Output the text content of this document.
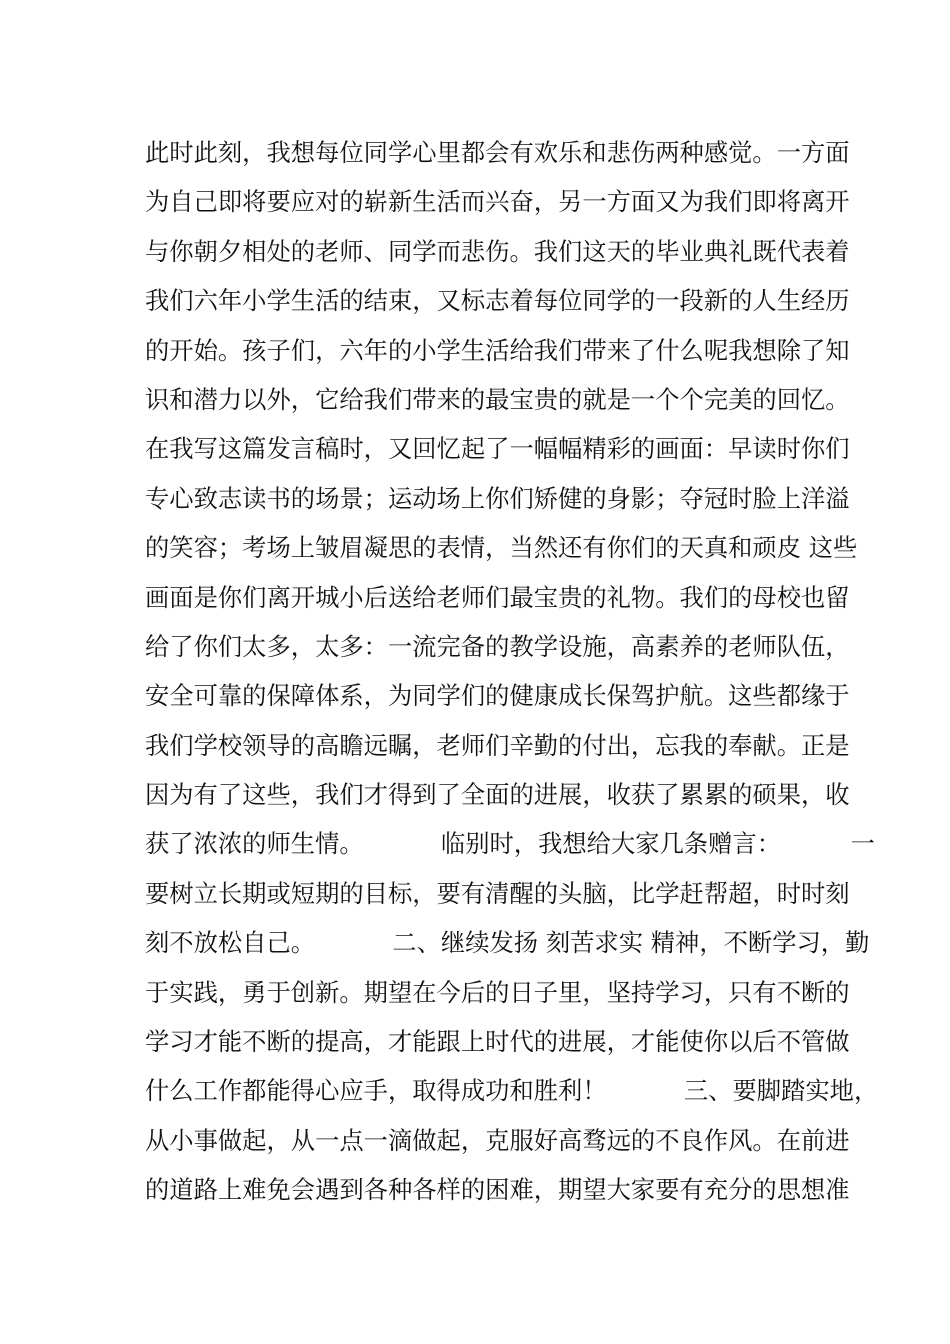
此时此刻，我想每位同学心里都会有欢乐和悲伤两种感觉。一方面
为自己即将要应对的崭新生活而兴奋，另一方面又为我们即将离开
与你朝夕相处的老师、同学而悲伤。我们这天的毕业典礼既代表着
我们六年小学生活的结束，又标志着每位同学的一段新的人生经历
的开始。孩子们，六年的小学生活给我们带来了什么呢我想除了知
识和潜力以外，它给我们带来的最宝贵的就是一个个完美的回忆。
在我写这篇发言稿时，又回忆起了一幅幅精彩的画面：早读时你们
专心致志读书的场景；运动场上你们矫健的身影；夺冠时脸上洋溢
的笑容；考场上皱眉凝思的表情，当然还有你们的天真和顽皮 这些
画面是你们离开城小后送给老师们最宝贵的礼物。我们的母校也留
给了你们太多，太多：一流完备的教学设施，高素养的老师队伍，
安全可靠的保障体系，为同学们的健康成长保驾护航。这些都缘于
我们学校领导的高瞻远瞩，老师们辛勤的付出，忘我的奉献。正是
因为有了这些，我们才得到了全面的进展，收获了累累的硕果，收
获了浓浓的师生情。          临别时，我想给大家几条赠言：         一
要树立长期或短期的目标，要有清醒的头脑，比学赶帮超，时时刻
刻不放松自己。          二、继续发扬 刻苦求实 精神，不断学习，勤
于实践，勇于创新。期望在今后的日子里，坚持学习，只有不断的
学习才能不断的提高，才能跟上时代的进展，才能使你以后不管做
什么工作都能得心应手，取得成功和胜利！          三、要脚踏实地，
从小事做起，从一点一滴做起，克服好高骛远的不良作风。在前进
的道路上难免会遇到各种各样的困难，期望大家要有充分的思想准
